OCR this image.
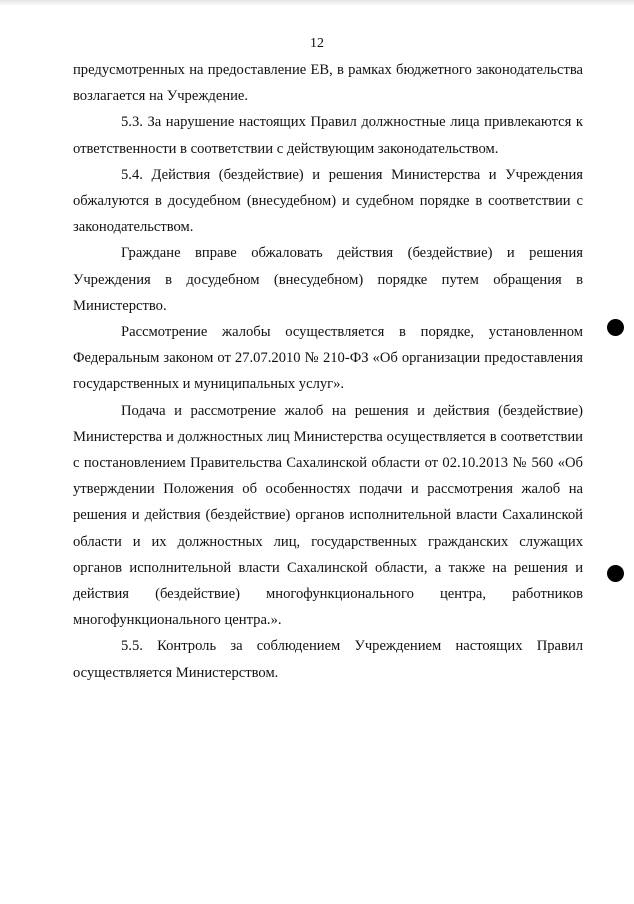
12

предусмотренных на предоставление ЕВ, в рамках бюджетного законодательства возлагается на Учреждение.

5.3. За нарушение настоящих Правил должностные лица привлекаются к ответственности в соответствии с действующим законодательством.

5.4. Действия (бездействие) и решения Министерства и Учреждения обжалуются в досудебном (внесудебном) и судебном порядке в соответствии с законодательством.

Граждане вправе обжаловать действия (бездействие) и решения Учреждения в досудебном (внесудебном) порядке путем обращения в Министерство.

Рассмотрение жалобы осуществляется в порядке, установленном Федеральным законом от 27.07.2010 № 210-ФЗ «Об организации предоставления государственных и муниципальных услуг».

Подача и рассмотрение жалоб на решения и действия (бездействие) Министерства и должностных лиц Министерства осуществляется в соответствии с постановлением Правительства Сахалинской области от 02.10.2013 № 560 «Об утверждении Положения об особенностях подачи и рассмотрения жалоб на решения и действия (бездействие) органов исполнительной власти Сахалинской области и их должностных лиц, государственных гражданских служащих органов исполнительной власти Сахалинской области, а также на решения и действия (бездействие) многофункционального центра, работников многофункционального центра.».

5.5. Контроль за соблюдением Учреждением настоящих Правил осуществляется Министерством.
